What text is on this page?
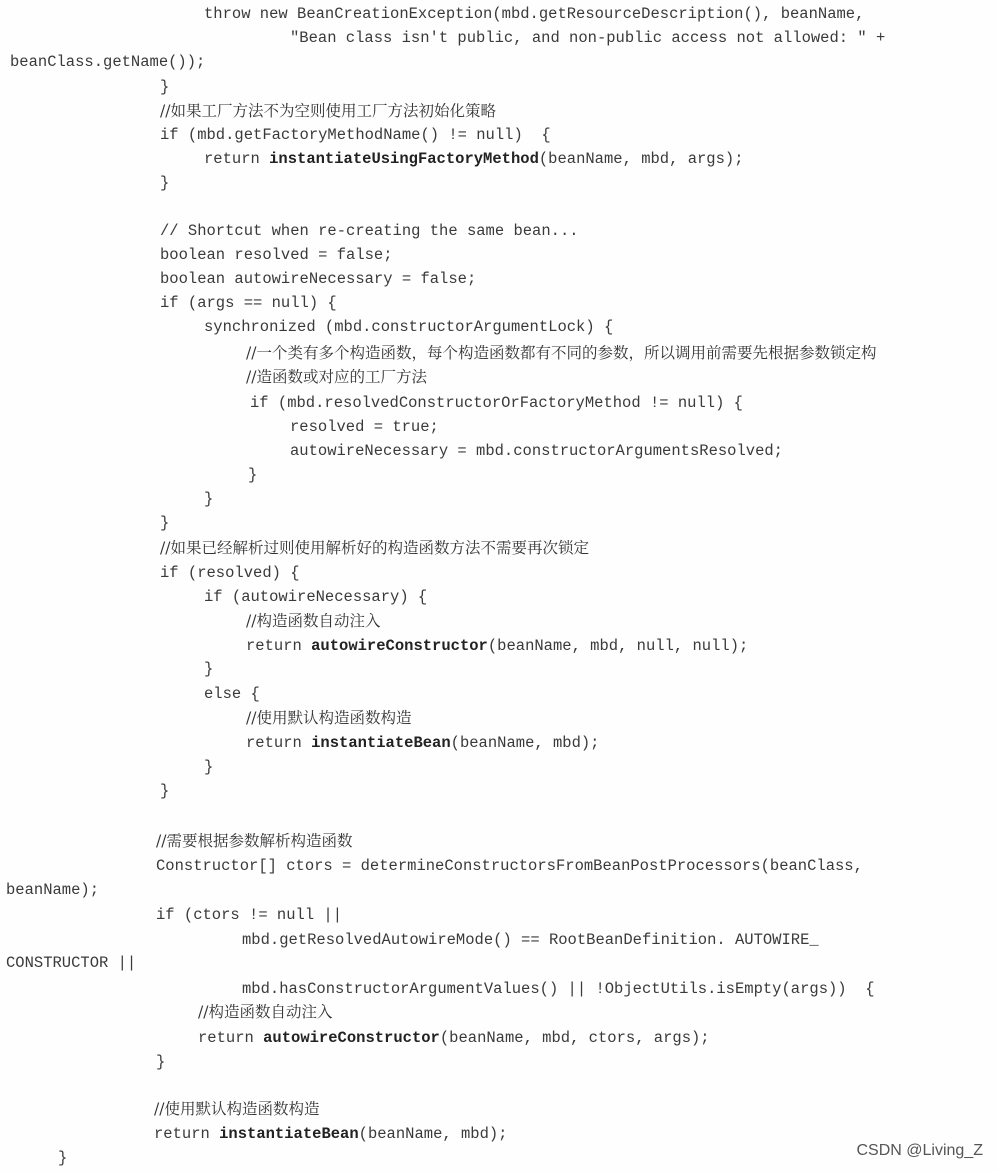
throw new BeanCreationException(mbd.getResourceDescription(), beanName,
"Bean class isn't public, and non-public access not allowed: " +
beanClass.getName());
}
//如果工厂方法不为空则使用工厂方法初始化策略
if (mbd.getFactoryMethodName() != null)  {
return instantiateUsingFactoryMethod(beanName, mbd, args);
}
// Shortcut when re-creating the same bean...
boolean resolved = false;
boolean autowireNecessary = false;
if (args == null) {
synchronized (mbd.constructorArgumentLock) {
//一个类有多个构造函数，每个构造函数都有不同的参数，所以调用前需要先根据参数锁定构
//造函数或对应的工厂方法
if (mbd.resolvedConstructorOrFactoryMethod != null) {
resolved = true;
autowireNecessary = mbd.constructorArgumentsResolved;
}
}
}
//如果已经解析过则使用解析好的构造函数方法不需要再次锁定
if (resolved) {
if (autowireNecessary) {
//构造函数自动注入
return autowireConstructor(beanName, mbd, null, null);
}
else {
//使用默认构造函数构造
return instantiateBean(beanName, mbd);
}
}
//需要根据参数解析构造函数
Constructor[] ctors = determineConstructorsFromBeanPostProcessors(beanClass,
beanName);
if (ctors != null ||
mbd.getResolvedAutowireMode() == RootBeanDefinition. AUTOWIRE_
CONSTRUCTOR ||
mbd.hasConstructorArgumentValues() || !ObjectUtils.isEmpty(args))  {
//构造函数自动注入
return autowireConstructor(beanName, mbd, ctors, args);
}
//使用默认构造函数构造
return instantiateBean(beanName, mbd);
}	CSDN @Living_Z
